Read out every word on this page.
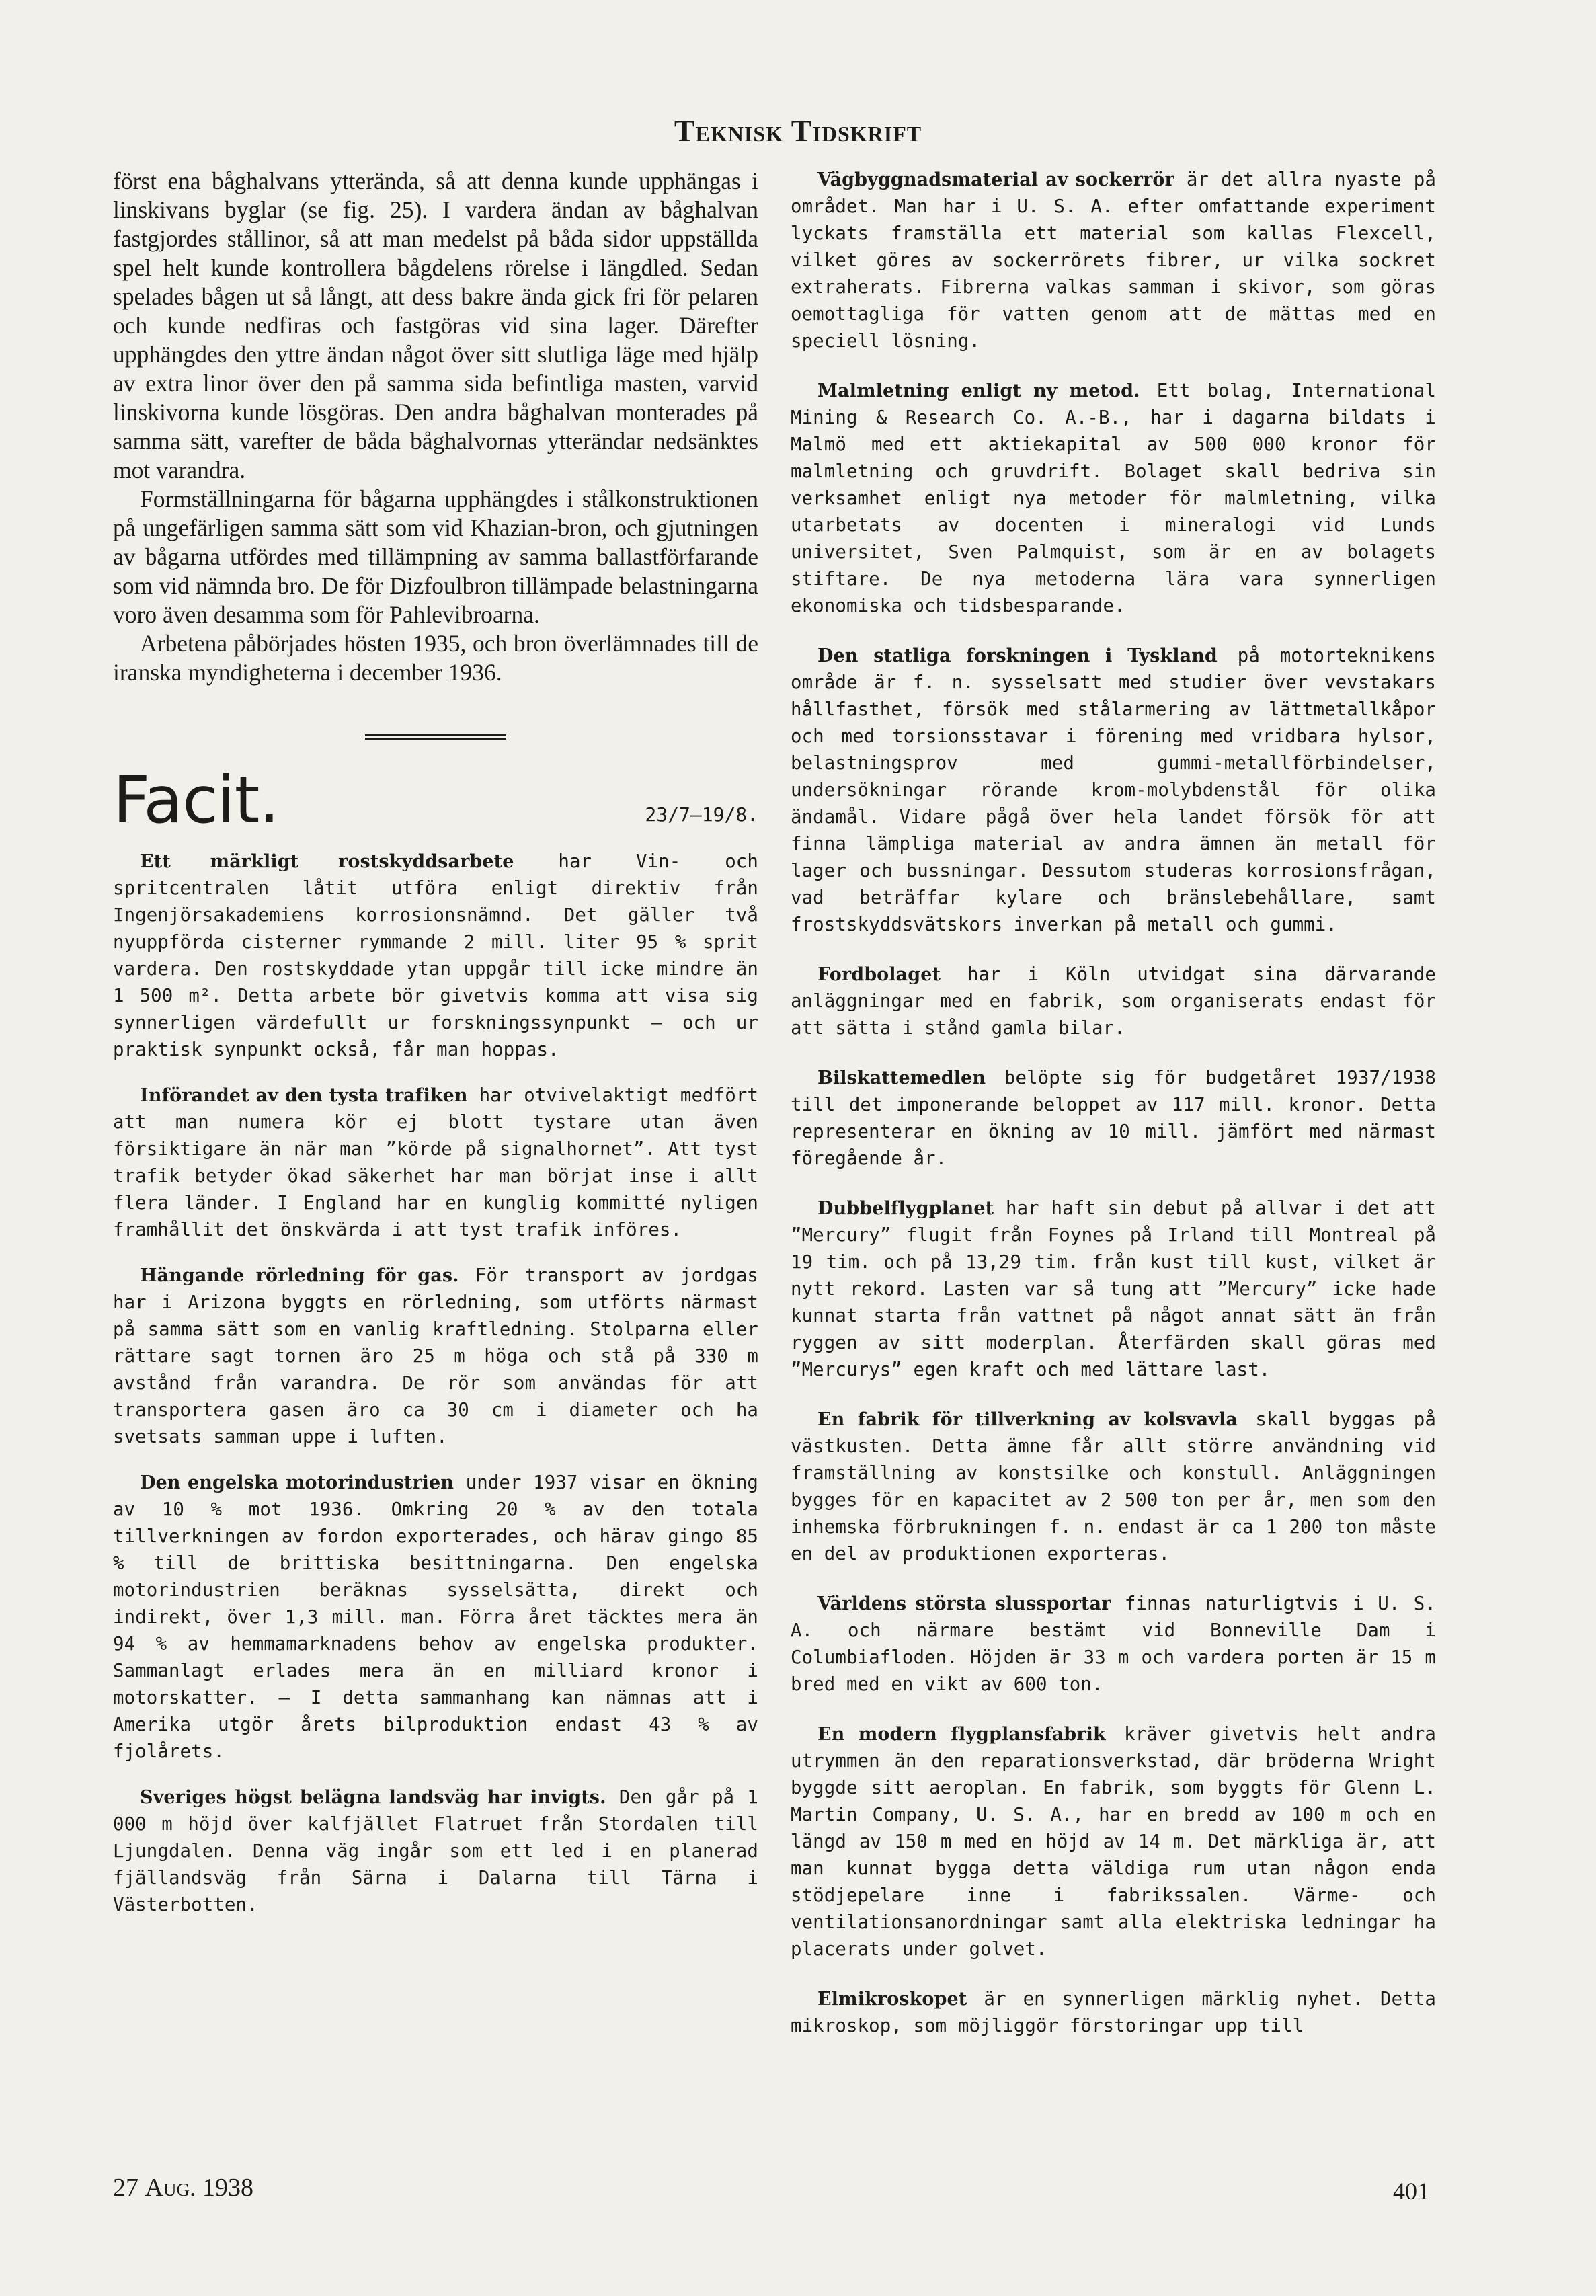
Teknisk Tidskrift

först ena båghalvans ytterända, så att denna kunde upphängas i linskivans byglar (se fig. 25). I vardera ändan av båghalvan fastgjordes stållinor, så att man medelst på båda sidor uppställda spel helt kunde kontrollera bågdelens rörelse i längdled. Sedan spelades bågen ut så långt, att dess bakre ända gick fri för pelaren och kunde nedfiras och fastgöras vid sina lager. Därefter upphängdes den yttre ändan något över sitt slutliga läge med hjälp av extra linor över den på samma sida befintliga masten, varvid linskivorna kunde lösgöras. Den andra båghalvan monterades på samma sätt, varefter de båda båghalvornas ytterändar nedsänktes mot varandra.

Formställningarna för bågarna upphängdes i stålkonstruktionen på ungefärligen samma sätt som vid Khazian-bron, och gjutningen av bågarna utfördes med tillämpning av samma ballastförfarande som vid nämnda bro. De för Dizfoulbron tillämpade belastningarna voro även desamma som för Pahlevibroarna.

Arbetena påbörjades hösten 1935, och bron överlämnades till de iranska myndigheterna i december 1936.

Facit.	23/7—19/8.

Ett märkligt rostskyddsarbete har Vin- och spritcentralen låtit utföra enligt direktiv från Ingenjörsakademiens korrosionsnämnd. Det gäller två nyuppförda cisterner rymmande 2 mill. liter 95 % sprit vardera. Den rostskyddade ytan uppgår till icke mindre än 1 500 m². Detta arbete bör givetvis komma att visa sig synnerligen värdefullt ur forskningssynpunkt — och ur praktisk synpunkt också, får man hoppas.

Införandet av den tysta trafiken har otvivelaktigt medfört att man numera kör ej blott tystare utan även försiktigare än när man ”körde på signalhornet”. Att tyst trafik betyder ökad säkerhet har man börjat inse i allt flera länder. I England har en kunglig kommitté nyligen framhållit det önskvärda i att tyst trafik införes.

Hängande rörledning för gas. För transport av jordgas har i Arizona byggts en rörledning, som utförts närmast på samma sätt som en vanlig kraftledning. Stolparna eller rättare sagt tornen äro 25 m höga och stå på 330 m avstånd från varandra. De rör som användas för att transportera gasen äro ca 30 cm i diameter och ha svetsats samman uppe i luften.

Den engelska motorindustrien under 1937 visar en ökning av 10 % mot 1936. Omkring 20 % av den totala tillverkningen av fordon exporterades, och härav gingo 85 % till de brittiska besittningarna. Den engelska motorindustrien beräknas sysselsätta, direkt och indirekt, över 1,3 mill. man. Förra året täcktes mera än 94 % av hemmamarknadens behov av engelska produkter. Sammanlagt erlades mera än en milliard kronor i motorskatter. — I detta sammanhang kan nämnas att i Amerika utgör årets bilproduktion endast 43 % av fjolårets.

Sveriges högst belägna landsväg har invigts. Den går på 1 000 m höjd över kalfjället Flatruet från Stordalen till Ljungdalen. Denna väg ingår som ett led i en planerad fjällandsväg från Särna i Dalarna till Tärna i Västerbotten.

Vägbyggnadsmaterial av sockerrör är det allra nyaste på området. Man har i U. S. A. efter omfattande experiment lyckats framställa ett material som kallas Flexcell, vilket göres av sockerrörets fibrer, ur vilka sockret extraherats. Fibrerna valkas samman i skivor, som göras oemottagliga för vatten genom att de mättas med en speciell lösning.

Malmletning enligt ny metod. Ett bolag, International Mining & Research Co. A.-B., har i dagarna bildats i Malmö med ett aktiekapital av 500 000 kronor för malmletning och gruvdrift. Bolaget skall bedriva sin verksamhet enligt nya metoder för malmletning, vilka utarbetats av docenten i mineralogi vid Lunds universitet, Sven Palmquist, som är en av bolagets stiftare. De nya metoderna lära vara synnerligen ekonomiska och tidsbesparande.

Den statliga forskningen i Tyskland på motorteknikens område är f. n. sysselsatt med studier över vevstakars hållfasthet, försök med stålarmering av lättmetallkåpor och med torsionsstavar i förening med vridbara hylsor, belastningsprov med gummi-metallförbindelser, undersökningar rörande krom-molybdenstål för olika ändamål. Vidare pågå över hela landet försök för att finna lämpliga material av andra ämnen än metall för lager och bussningar. Dessutom studeras korrosionsfrågan, vad beträffar kylare och bränslebehållare, samt frostskyddsvätskors inverkan på metall och gummi.

Fordbolaget har i Köln utvidgat sina därvarande anläggningar med en fabrik, som organiserats endast för att sätta i stånd gamla bilar.

Bilskattemedlen belöpte sig för budgetåret 1937/1938 till det imponerande beloppet av 117 mill. kronor. Detta representerar en ökning av 10 mill. jämfört med närmast föregående år.

Dubbelflygplanet har haft sin debut på allvar i det att ”Mercury” flugit från Foynes på Irland till Montreal på 19 tim. och på 13,29 tim. från kust till kust, vilket är nytt rekord. Lasten var så tung att ”Mercury” icke hade kunnat starta från vattnet på något annat sätt än från ryggen av sitt moderplan. Återfärden skall göras med ”Mercurys” egen kraft och med lättare last.

En fabrik för tillverkning av kolsvavla skall byggas på västkusten. Detta ämne får allt större användning vid framställning av konstsilke och konstull. Anläggningen bygges för en kapacitet av 2 500 ton per år, men som den inhemska förbrukningen f. n. endast är ca 1 200 ton måste en del av produktionen exporteras.

Världens största slussportar finnas naturligtvis i U. S. A. och närmare bestämt vid Bonneville Dam i Columbiafloden. Höjden är 33 m och vardera porten är 15 m bred med en vikt av 600 ton.

En modern flygplansfabrik kräver givetvis helt andra utrymmen än den reparationsverkstad, där bröderna Wright byggde sitt aeroplan. En fabrik, som byggts för Glenn L. Martin Company, U. S. A., har en bredd av 100 m och en längd av 150 m med en höjd av 14 m. Det märkliga är, att man kunnat bygga detta väldiga rum utan någon enda stödjepelare inne i fabrikssalen. Värme- och ventilationsanordningar samt alla elektriska ledningar ha placerats under golvet.

Elmikroskopet är en synnerligen märklig nyhet. Detta mikroskop, som möjliggör förstoringar upp till

27 Aug. 1938	401
